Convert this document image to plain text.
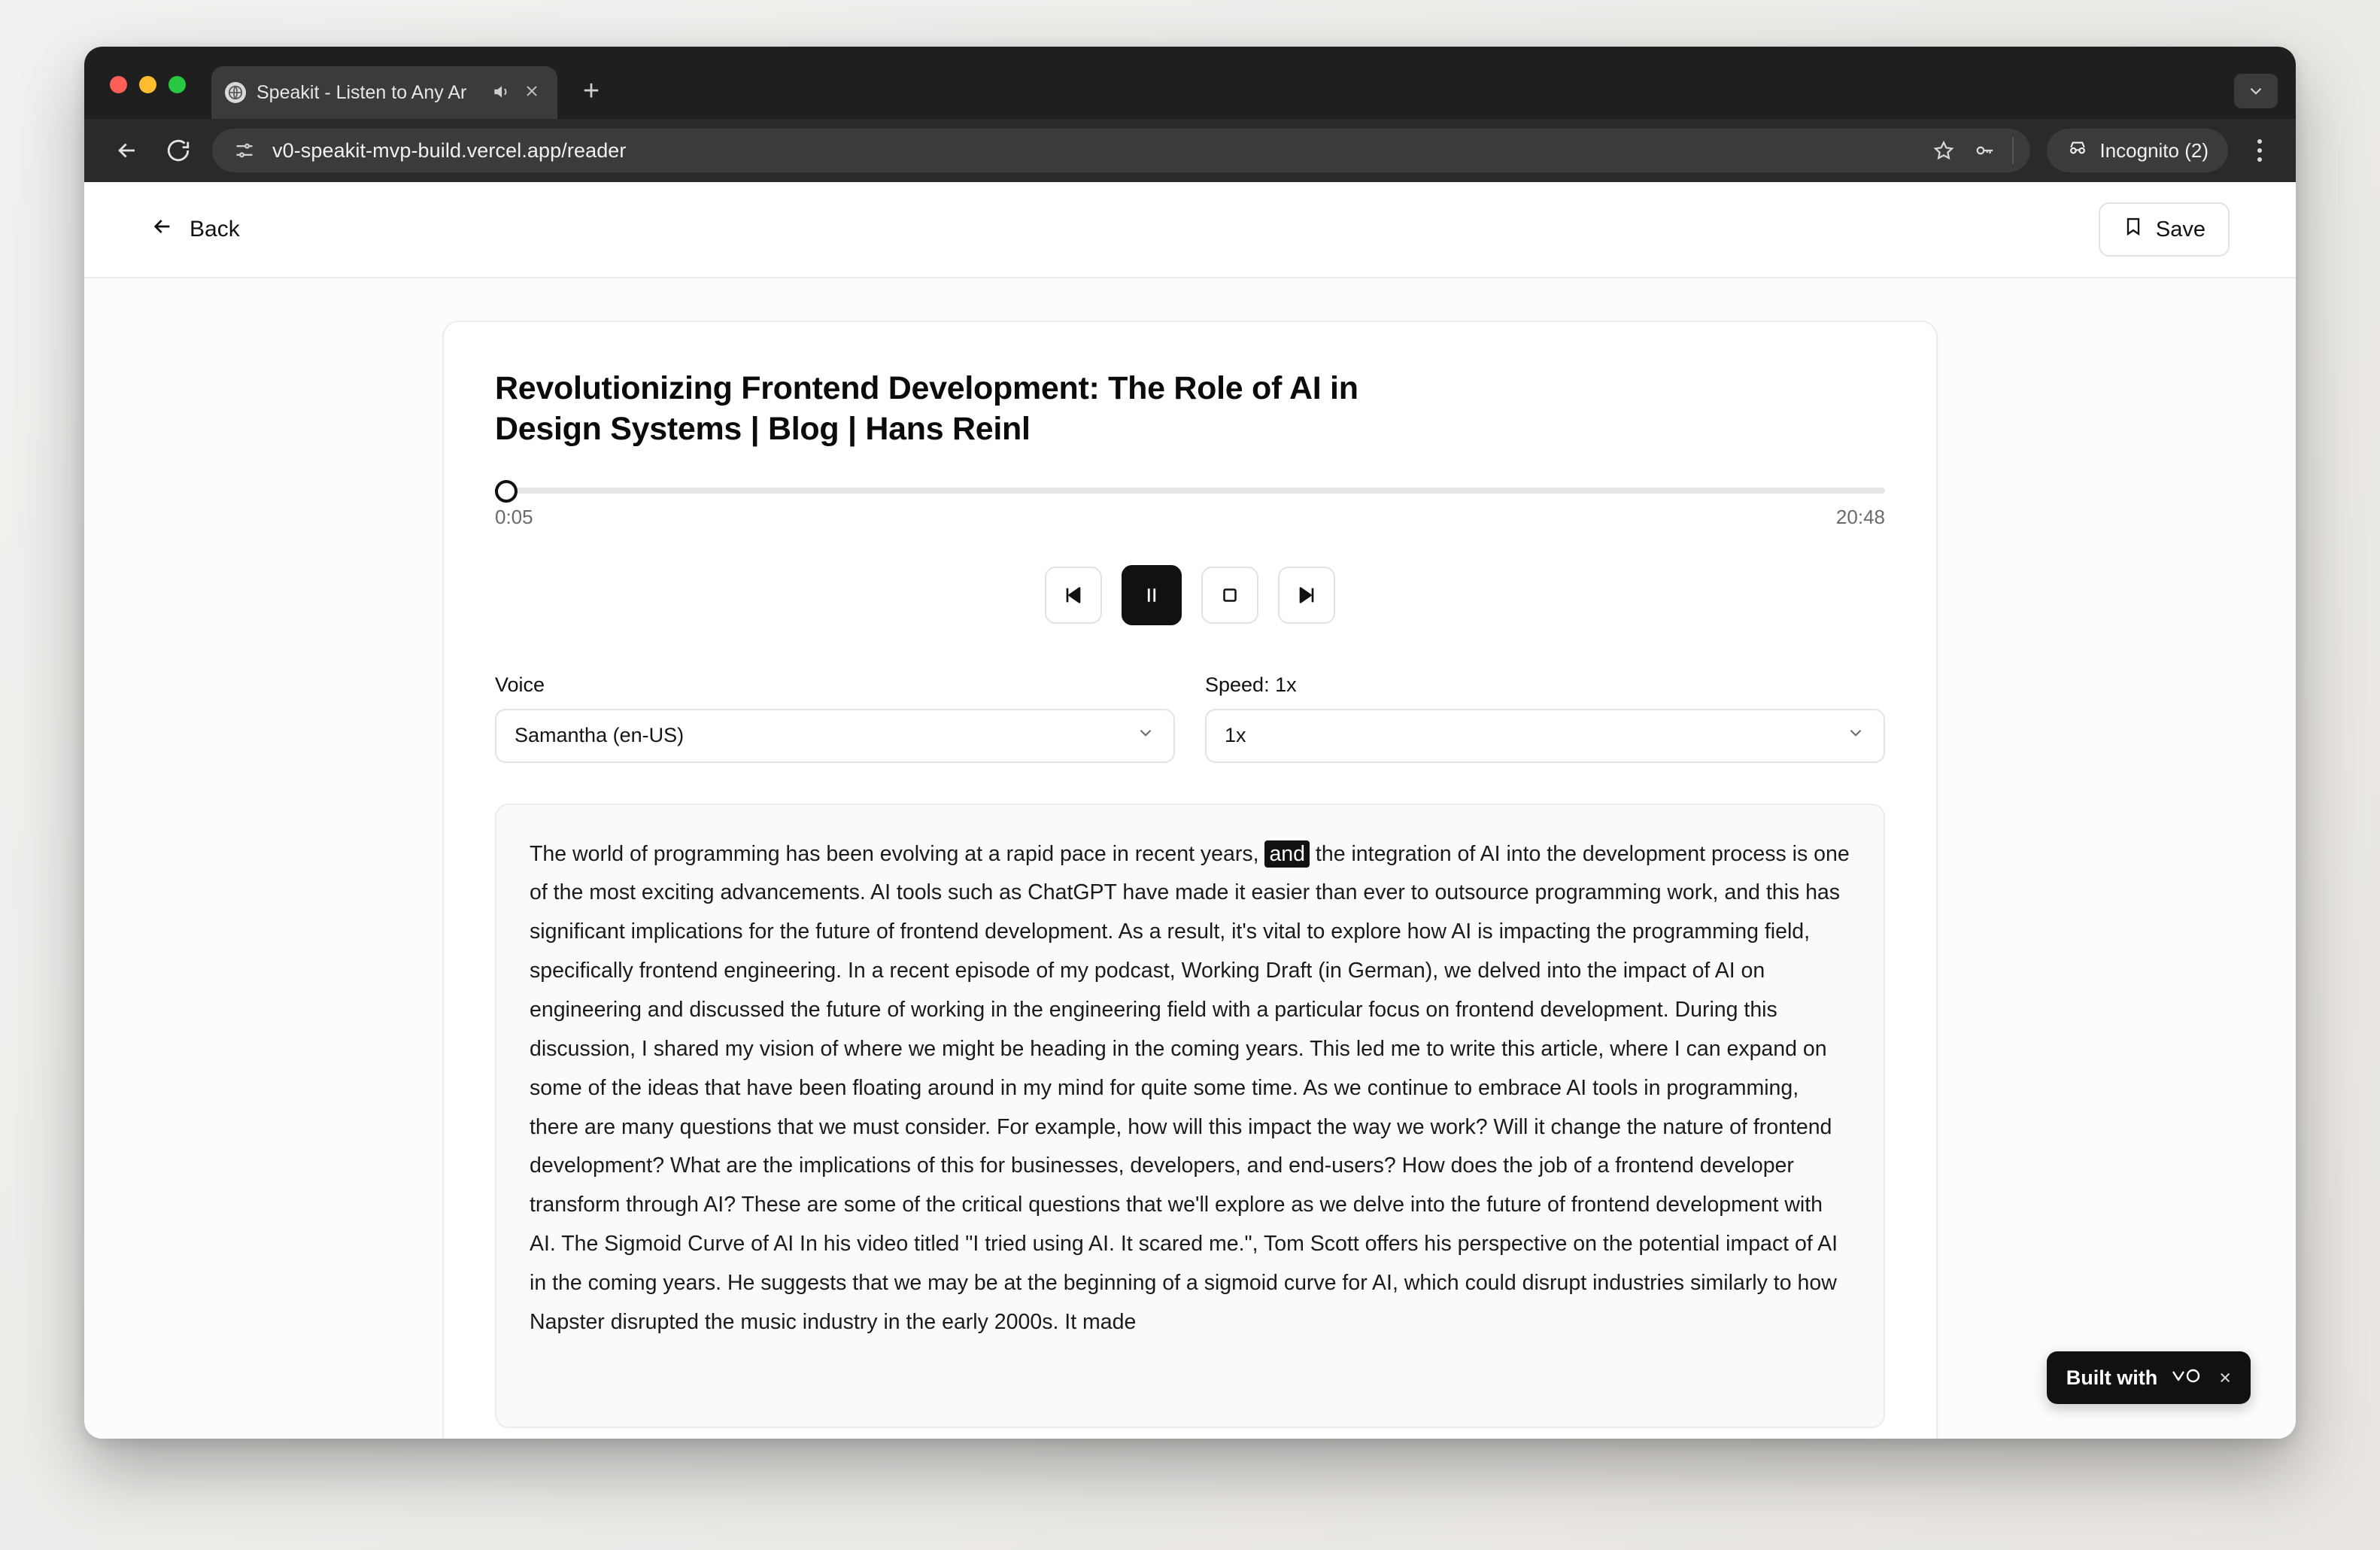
Speakit - Listen to Any Ar	+
v0-speakit-mvp-build.vercel.app/reader	Incognito (2)
Back	Save
Revolutionizing Frontend Development: The Role of AI in Design Systems | Blog | Hans Reinl
0:05	20:48
Voice
Samantha (en-US)
Speed: 1x
1x

The world of programming has been evolving at a rapid pace in recent years, and the integration of AI into the development process is one of the most exciting advancements. AI tools such as ChatGPT have made it easier than ever to outsource programming work, and this has significant implications for the future of frontend development. As a result, it's vital to explore how AI is impacting the programming field, specifically frontend engineering. In a recent episode of my podcast, Working Draft (in German), we delved into the impact of AI on engineering and discussed the future of working in the engineering field with a particular focus on frontend development. During this discussion, I shared my vision of where we might be heading in the coming years. This led me to write this article, where I can expand on some of the ideas that have been floating around in my mind for quite some time. As we continue to embrace AI tools in programming, there are many questions that we must consider. For example, how will this impact the way we work? Will it change the nature of frontend development? What are the implications of this for businesses, developers, and end-users? How does the job of a frontend developer transform through AI? These are some of the critical questions that we'll explore as we delve into the future of frontend development with AI. The Sigmoid Curve of AI In his video titled "I tried using AI. It scared me.", Tom Scott offers his perspective on the potential impact of AI in the coming years. He suggests that we may be at the beginning of a sigmoid curve for AI, which could disrupt industries similarly to how Napster disrupted the music industry in the early 2000s. It made

Built with	×
